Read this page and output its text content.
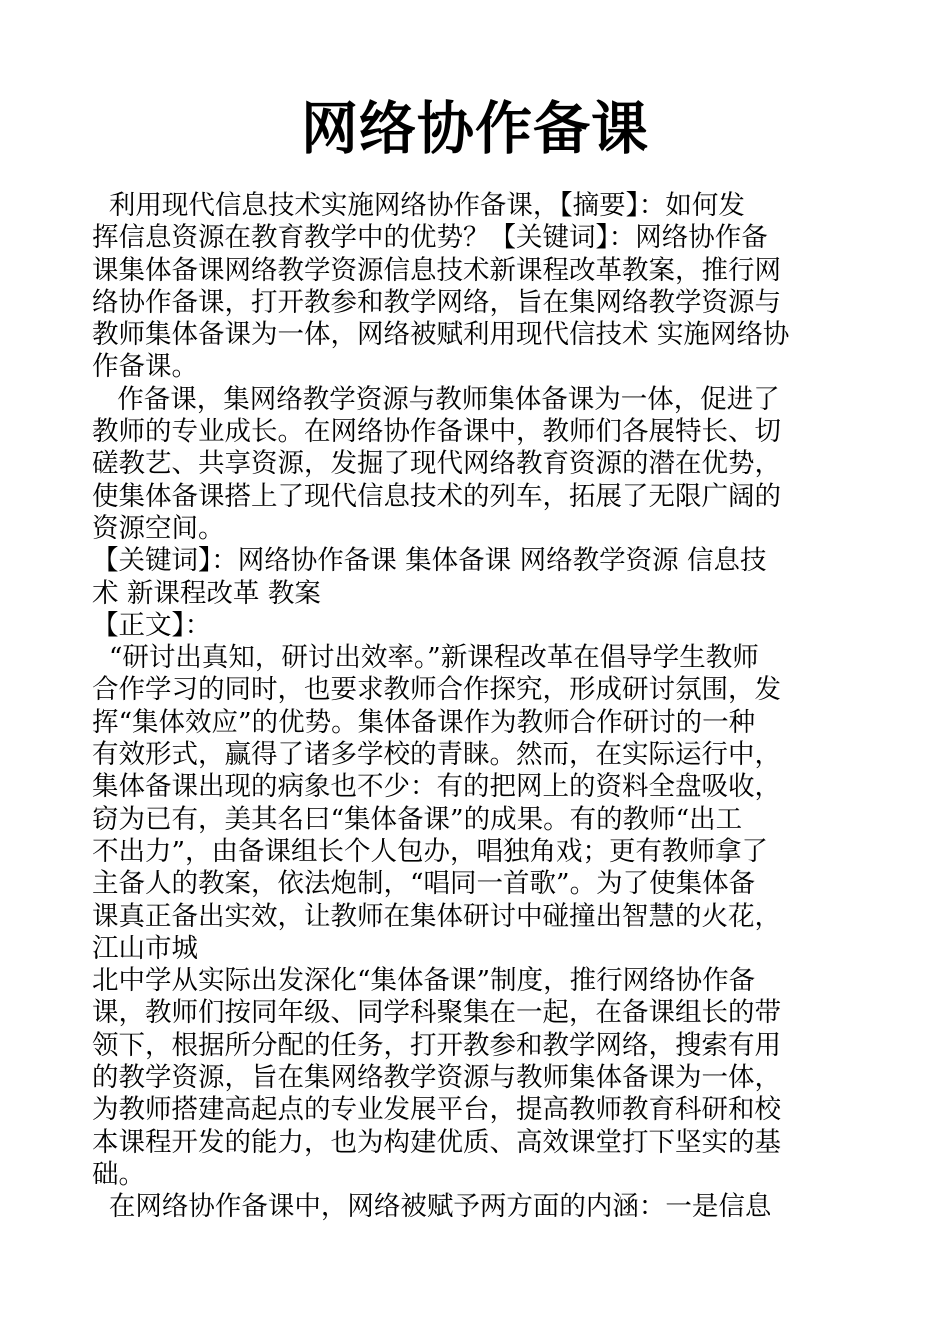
网络协作备课
利用现代信息技术实施网络协作备课，【摘要】：如何发
挥信息资源在教育教学中的优势？【关键词】：网络协作备
课集体备课网络教学资源信息技术新课程改革教案，推行网
络协作备课，打开教参和教学网络，旨在集网络教学资源与
教师集体备课为一体，网络被赋利用现代信技术 实施网络协
作备课。
作备课，集网络教学资源与教师集体备课为一体，促进了
教师的专业成长。在网络协作备课中，教师们各展特长、切
磋教艺、共享资源，发掘了现代网络教育资源的潜在优势，
使集体备课搭上了现代信息技术的列车，拓展了无限广阔的
资源空间。
【关键词】：网络协作备课 集体备课 网络教学资源 信息技
术 新课程改革 教案
【正文】：
“研讨出真知，研讨出效率。”新课程改革在倡导学生教师
合作学习的同时，也要求教师合作探究，形成研讨氛围，发
挥“集体效应”的优势。集体备课作为教师合作研讨的一种
有效形式，赢得了诸多学校的青睐。然而，在实际运行中，
集体备课出现的病象也不少：有的把网上的资料全盘吸收，
窃为已有，美其名曰“集体备课”的成果。有的教师“出工
不出力”，由备课组长个人包办，唱独角戏；更有教师拿了
主备人的教案，依法炮制，“唱同一首歌”。为了使集体备
课真正备出实效，让教师在集体研讨中碰撞出智慧的火花，
江山市城
北中学从实际出发深化“集体备课”制度，推行网络协作备
课，教师们按同年级、同学科聚集在一起，在备课组长的带
领下，根据所分配的任务，打开教参和教学网络，搜索有用
的教学资源，旨在集网络教学资源与教师集体备课为一体，
为教师搭建高起点的专业发展平台，提高教师教育科研和校
本课程开发的能力，也为构建优质、高效课堂打下坚实的基
础。
在网络协作备课中，网络被赋予两方面的内涵：一是信息
